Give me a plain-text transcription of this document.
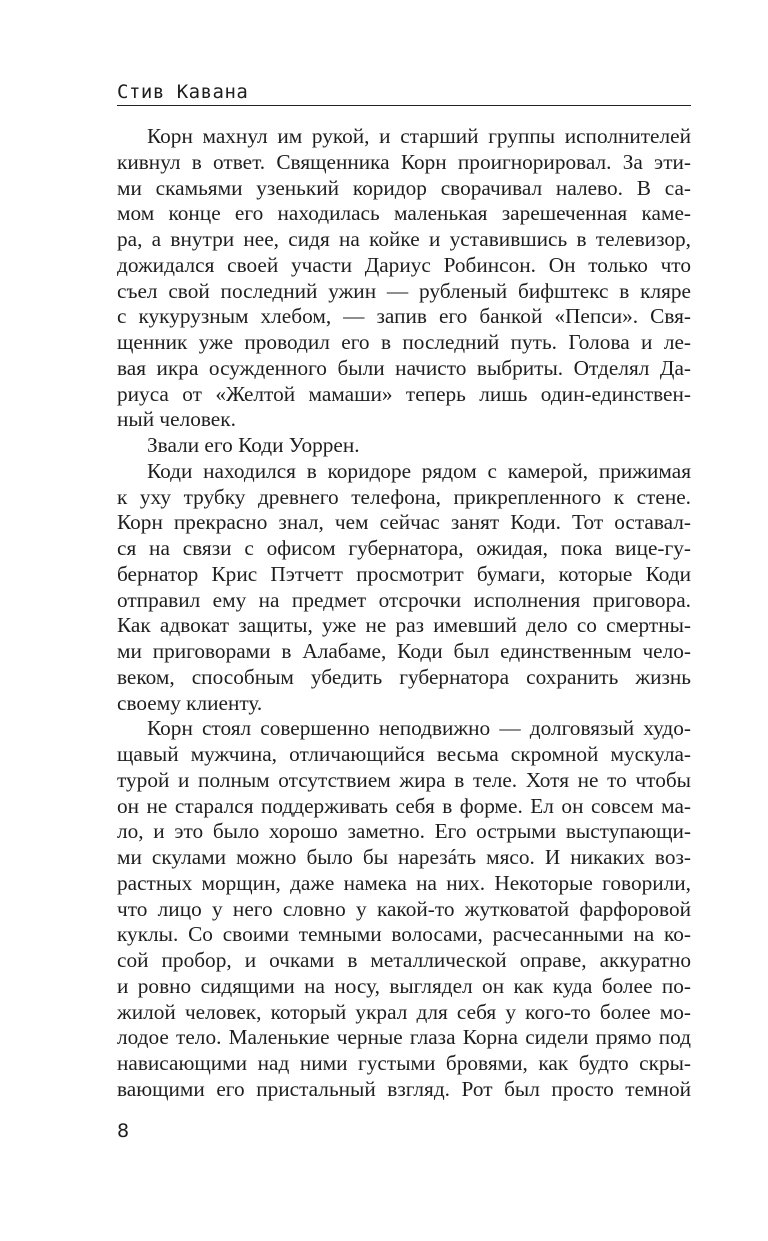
Стив Кавана
Корн махнул им рукой, и старший группы исполнителей
кивнул в ответ. Священника Корн проигнорировал. За эти-
ми скамьями узенький коридор сворачивал налево. В са-
мом конце его находилась маленькая зарешеченная каме-
ра, а внутри нее, сидя на койке и уставившись в телевизор,
дожидался своей участи Дариус Робинсон. Он только что
съел свой последний ужин — рубленый бифштекс в кляре
с кукурузным хлебом, — запив его банкой «Пепси». Свя-
щенник уже проводил его в последний путь. Голова и ле-
вая икра осужденного были начисто выбриты. Отделял Да-
риуса от «Желтой мамаши» теперь лишь один-единствен-
ный человек.
Звали его Коди Уоррен.
Коди находился в коридоре рядом с камерой, прижимая
к уху трубку древнего телефона, прикрепленного к стене.
Корн прекрасно знал, чем сейчас занят Коди. Тот оставал-
ся на связи с офисом губернатора, ожидая, пока вице-гу-
бернатор Крис Пэтчетт просмотрит бумаги, которые Коди
отправил ему на предмет отсрочки исполнения приговора.
Как адвокат защиты, уже не раз имевший дело со смертны-
ми приговорами в Алабаме, Коди был единственным чело-
веком, способным убедить губернатора сохранить жизнь
своему клиенту.
Корн стоял совершенно неподвижно — долговязый худо-
щавый мужчина, отличающийся весьма скромной мускула-
турой и полным отсутствием жира в теле. Хотя не то чтобы
он не старался поддерживать себя в форме. Ел он совсем ма-
ло, и это было хорошо заметно. Его острыми выступающи-
ми скулами можно было бы нарезáть мясо. И никаких воз-
растных морщин, даже намека на них. Некоторые говорили,
что лицо у него словно у какой-то жутковатой фарфоровой
куклы. Со своими темными волосами, расчесанными на ко-
сой пробор, и очками в металлической оправе, аккуратно
и ровно сидящими на носу, выглядел он как куда более по-
жилой человек, который украл для себя у кого-то более мо-
лодое тело. Маленькие черные глаза Корна сидели прямо под
нависающими над ними густыми бровями, как будто скры-
вающими его пристальный взгляд. Рот был просто темной
8
